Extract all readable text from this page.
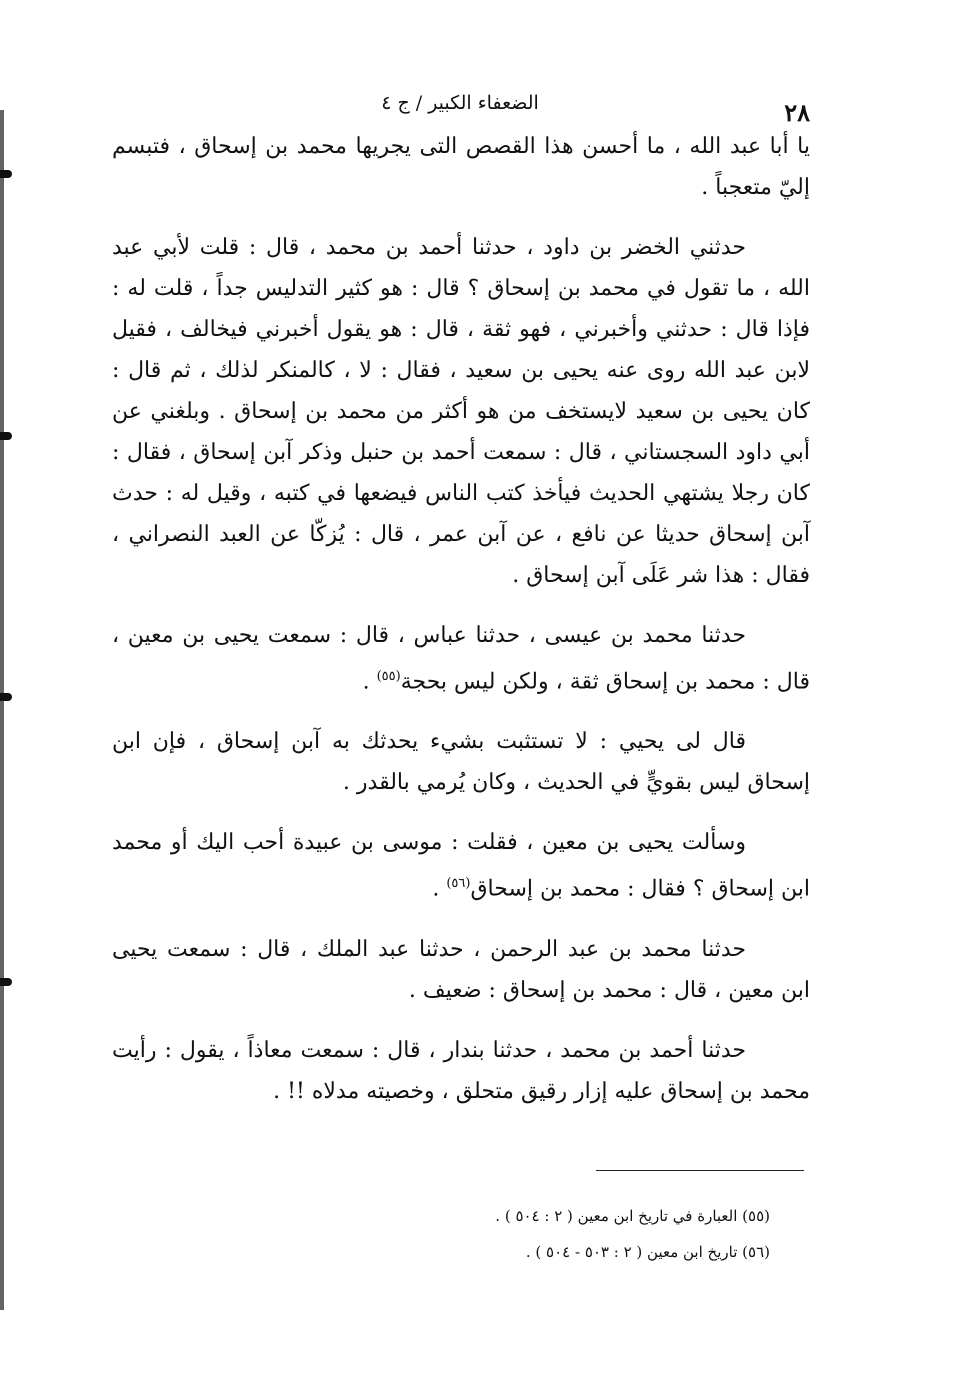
٢٨
الضعفاء الكبير / ج ٤

يا أبا عبد الله ، ما أحسن هذا القصص التى يجريها محمد بن إسحاق ، فتبسم إليّ متعجباً .

حدثني الخضر بن داود ، حدثنا أحمد بن محمد ، قال : قلت لأبي عبد الله ، ما تقول في محمد بن إسحاق ؟ قال : هو كثير التدليس جداً ، قلت له : فإذا قال : حدثني وأخبرني ، فهو ثقة ، قال : هو يقول أخبرني فيخالف ، فقيل لابن عبد الله روى عنه يحيى بن سعيد ، فقال : لا ، كالمنكر لذلك ، ثم قال : كان يحيى بن سعيد لايستخف من هو أكثر من محمد بن إسحاق . وبلغني عن أبي داود السجستاني ، قال : سمعت أحمد بن حنبل وذكر آبن إسحاق ، فقال : كان رجلا يشتهي الحديث فيأخذ كتب الناس فيضعها في كتبه ، وقيل له : حدث آبن إسحاق حديثا عن نافع ، عن آبن عمر ، قال : يُزكّا عن العبد النصراني ، فقال : هذا شر عَلَى آبن إسحاق .

حدثنا محمد بن عيسى ، حدثنا عباس ، قال : سمعت يحيى بن معين ، قال : محمد بن إسحاق ثقة ، ولكن ليس بحجة$^{(٥٥)}$ .

قال لى يحيي : لا تستثبت بشيء يحدثك به آبن إسحاق ، فإن ابن إسحاق ليس بقويٍّ في الحديث ، وكان يُرمي بالقدر .

وسألت يحيى بن معين ، فقلت : موسى بن عبيدة أحب اليك أو محمد ابن إسحاق ؟ فقال : محمد بن إسحاق$^{(٥٦)}$ .

حدثنا محمد بن عبد الرحمن ، حدثنا عبد الملك ، قال : سمعت يحيى ابن معين ، قال : محمد بن إسحاق : ضعيف .

حدثنا أحمد بن محمد ، حدثنا بندار ، قال : سمعت معاذاً ، يقول : رأيت محمد بن إسحاق عليه إزار رقيق متحلق ، وخصيته مدلاه !! .

(٥٥) العبارة في تاريخ ابن معين ( ٢ : ٥٠٤ ) .

(٥٦) تاريخ ابن معين ( ٢ : ٥٠٣ - ٥٠٤ ) .
